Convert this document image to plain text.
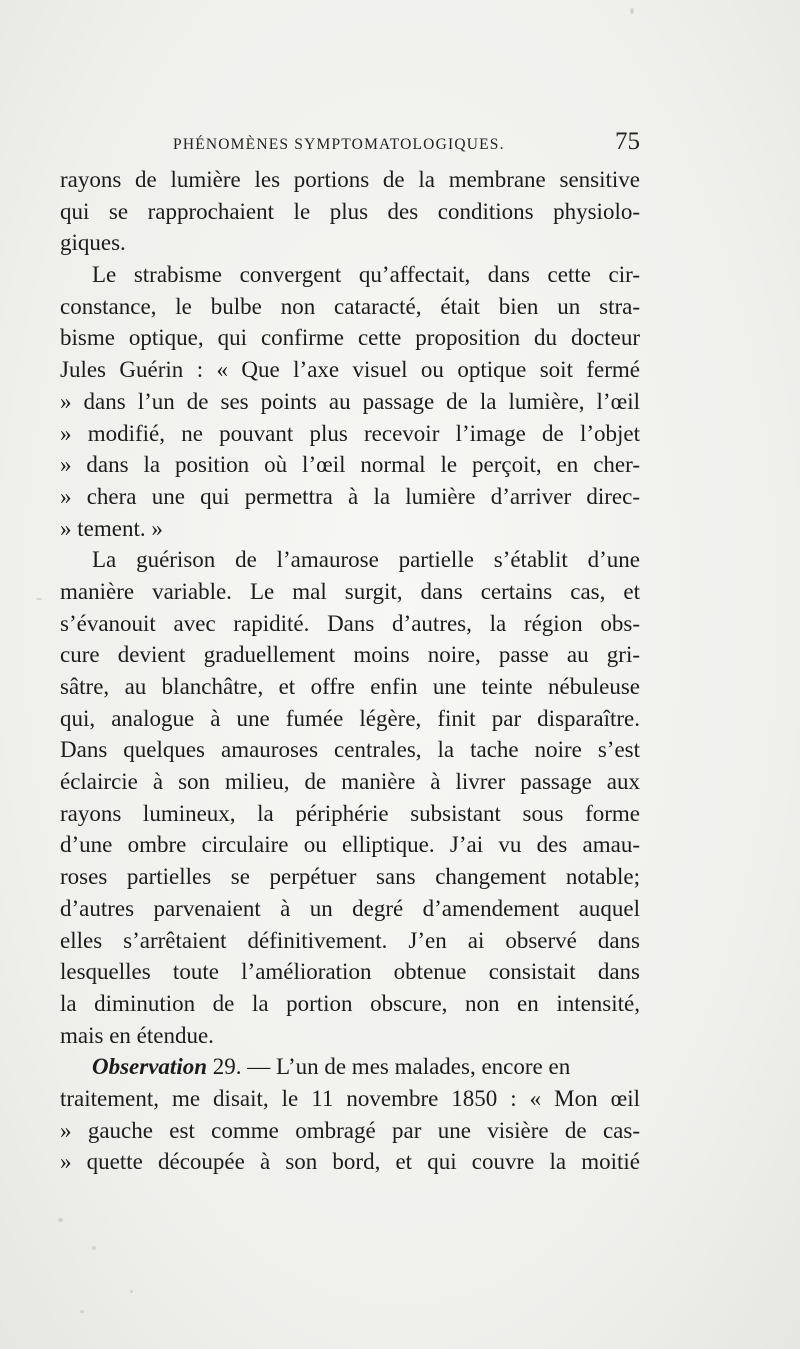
PHÉNOMÈNES SYMPTOMATOLOGIQUES.	75
rayons de lumière les portions de la membrane sensitive
qui se rapprochaient le plus des conditions physiolo-
giques.
Le strabisme convergent qu’affectait, dans cette cir-
constance, le bulbe non cataracté, était bien un stra-
bisme optique, qui confirme cette proposition du docteur
Jules Guérin : « Que l’axe visuel ou optique soit fermé
» dans l’un de ses points au passage de la lumière, l’œil
» modifié, ne pouvant plus recevoir l’image de l’objet
» dans la position où l’œil normal le perçoit, en cher-
» chera une qui permettra à la lumière d’arriver direc-
» tement. »
La guérison de l’amaurose partielle s’établit d’une
manière variable. Le mal surgit, dans certains cas, et
s’évanouit avec rapidité. Dans d’autres, la région obs-
cure devient graduellement moins noire, passe au gri-
sâtre, au blanchâtre, et offre enfin une teinte nébuleuse
qui, analogue à une fumée légère, finit par disparaître.
Dans quelques amauroses centrales, la tache noire s’est
éclaircie à son milieu, de manière à livrer passage aux
rayons lumineux, la périphérie subsistant sous forme
d’une ombre circulaire ou elliptique. J’ai vu des amau-
roses partielles se perpétuer sans changement notable;
d’autres parvenaient à un degré d’amendement auquel
elles s’arrêtaient définitivement. J’en ai observé dans
lesquelles toute l’amélioration obtenue consistait dans
la diminution de la portion obscure, non en intensité,
mais en étendue.
Observation 29. — L’un de mes malades, encore en
traitement, me disait, le 11 novembre 1850 : « Mon œil
» gauche est comme ombragé par une visière de cas-
» quette découpée à son bord, et qui couvre la moitié
